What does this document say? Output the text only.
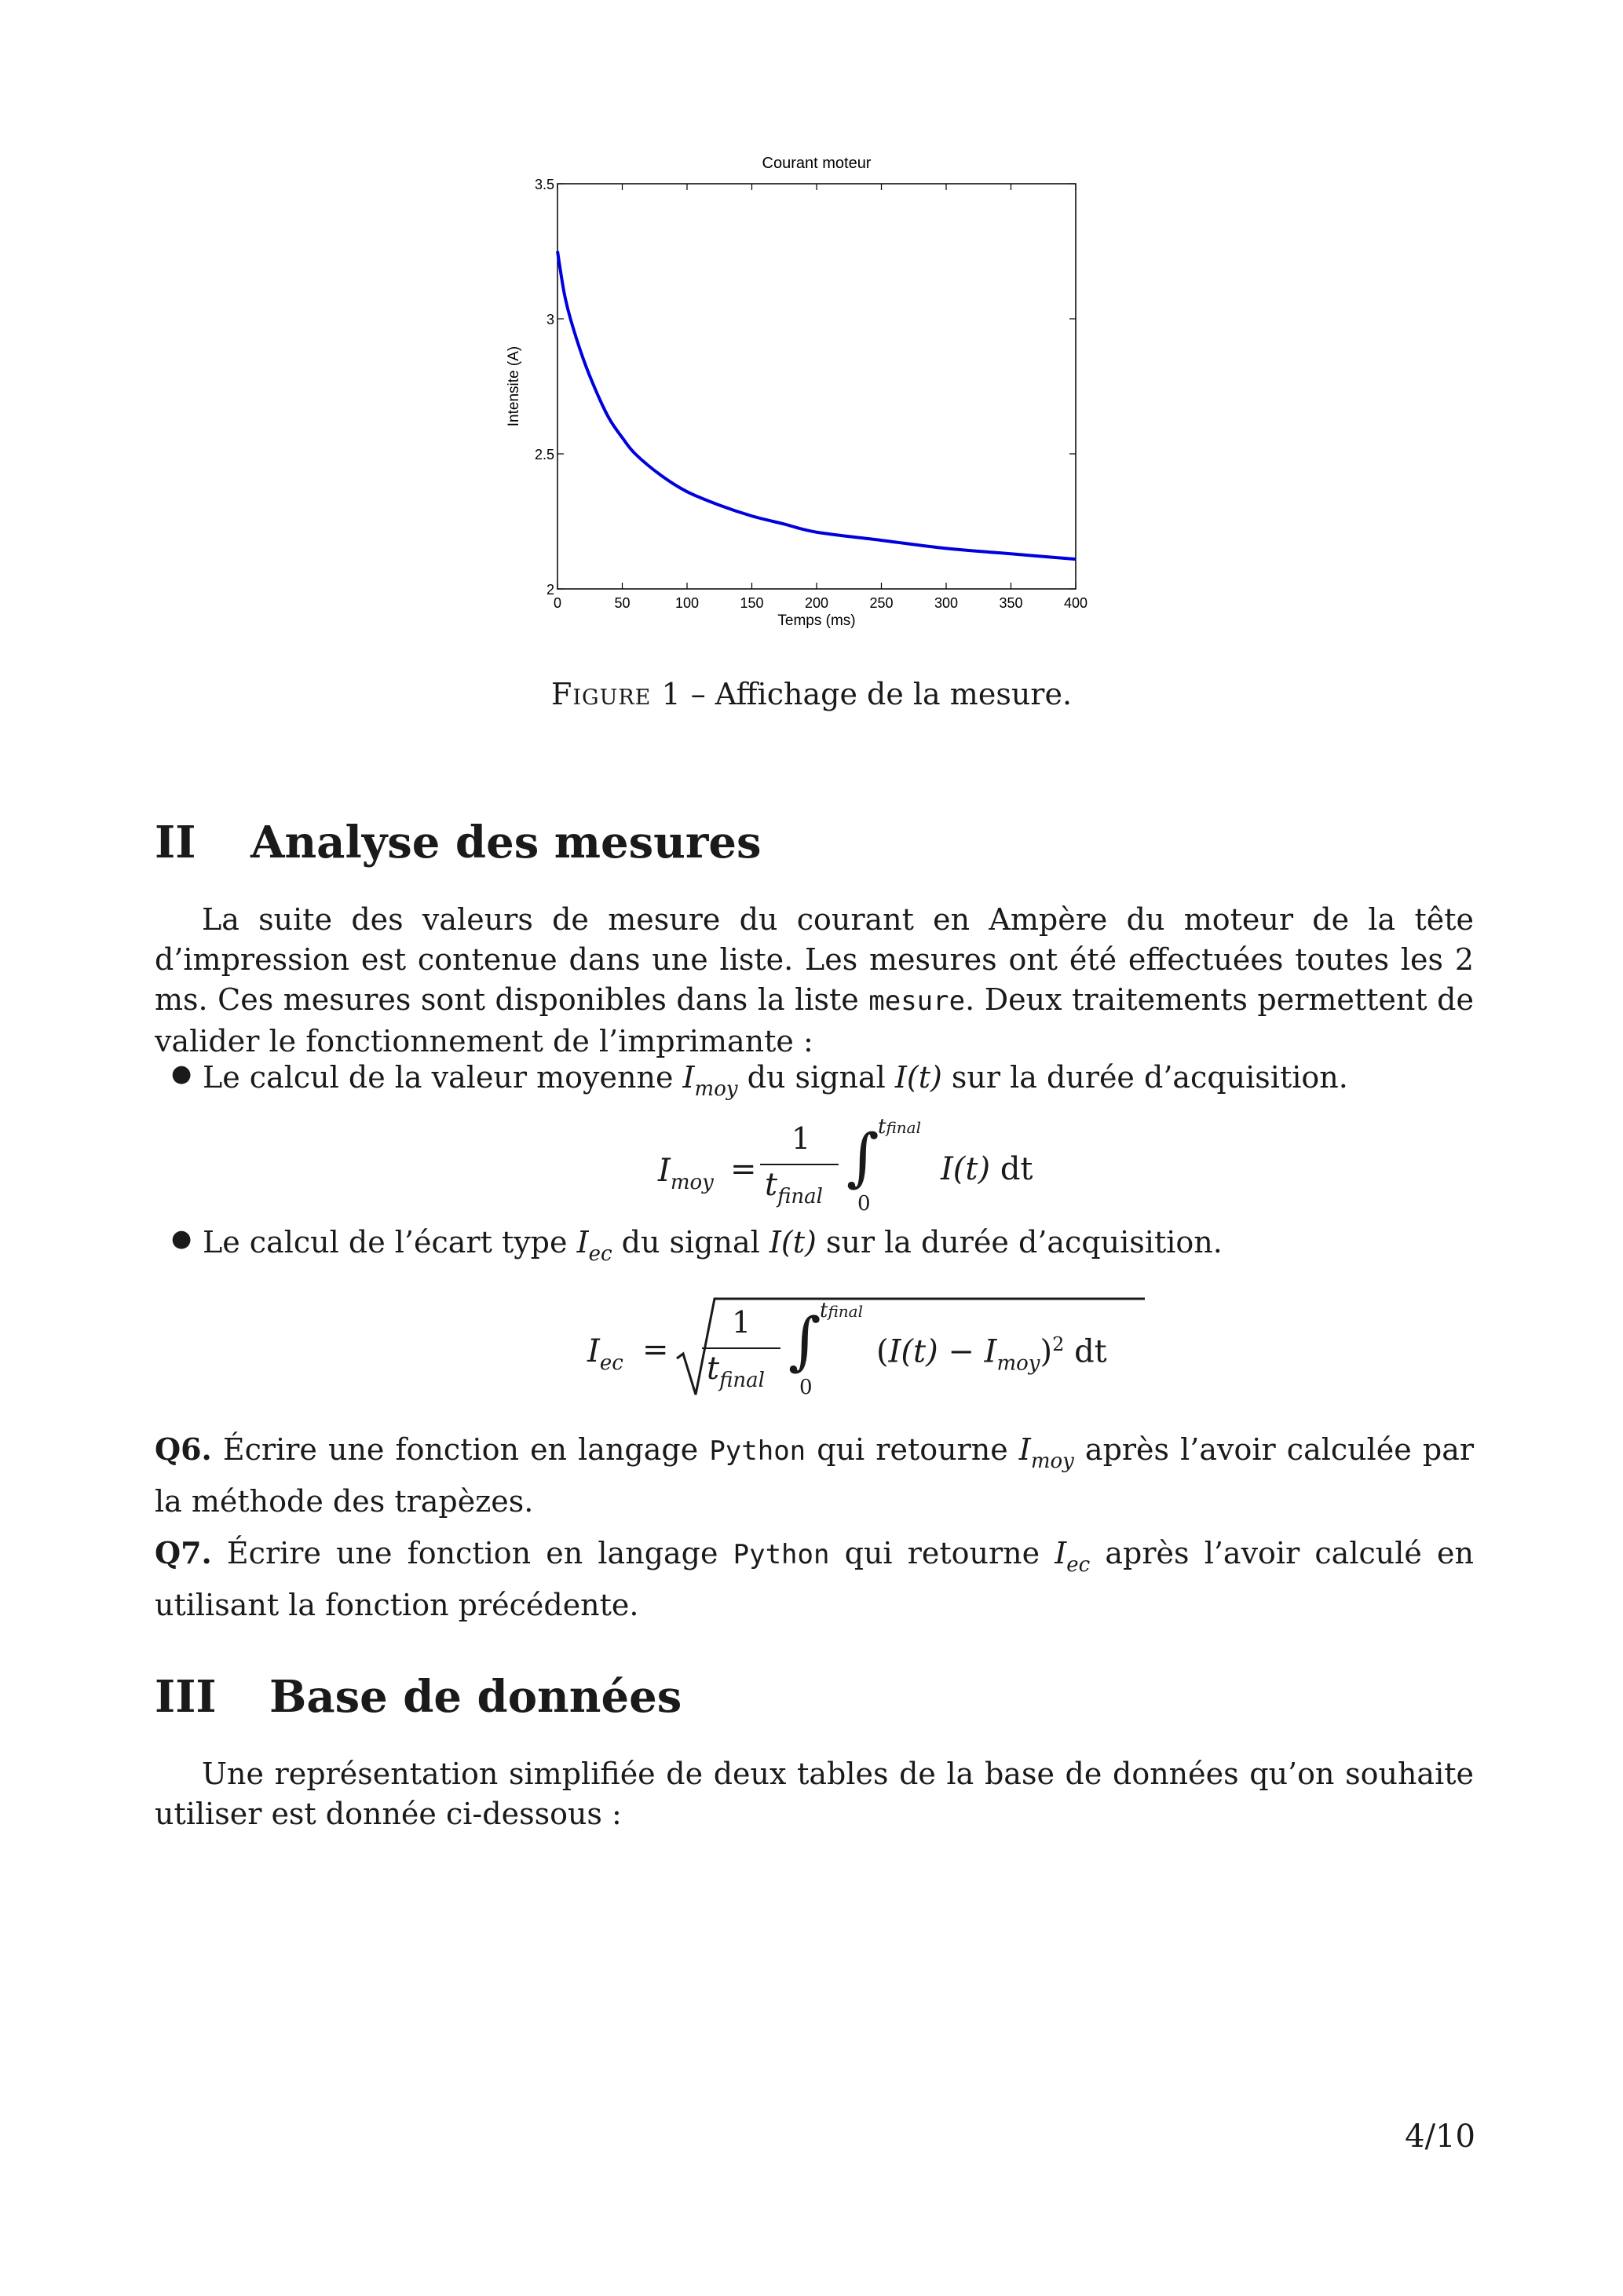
Courant moteur
0	50	100	150	200	250	300	350	400
2
2.5
3
3.5
Temps (ms)
Intensite (A)
Figure 1 – Affichage de la mesure.
II Analyse des mesures
La suite des valeurs de mesure du courant en Ampère du moteur de la tête d’impression est contenue dans une liste. Les mesures ont été effectuées toutes les 2 ms. Ces mesures sont disponibles dans la liste mesure. Deux traitements permettent de valider le fonctionnement de l’imprimante :
● Le calcul de la valeur moyenne $I_{moy}$ du signal I(t) sur la durée d’acquisition.
$I_{moy}$ =
1
$t_{final}$
∫
tfinal
0
I(t) dt
● Le calcul de l’écart type $I_{ec}$ du signal I(t) sur la durée d’acquisition.
$I_{ec}$ =
1
$t_{final}$
∫
tfinal
0
$(I(t) - I_{moy})^2$ dt
Q6. Écrire une fonction en langage Python qui retourne $I_{moy}$ après l’avoir calculée par la méthode des trapèzes.
Q7. Écrire une fonction en langage Python qui retourne $I_{ec}$ après l’avoir calculé en utilisant la fonction précédente.
III Base de données
Une représentation simplifiée de deux tables de la base de données qu’on souhaite utiliser est donnée ci-dessous :
4/10
